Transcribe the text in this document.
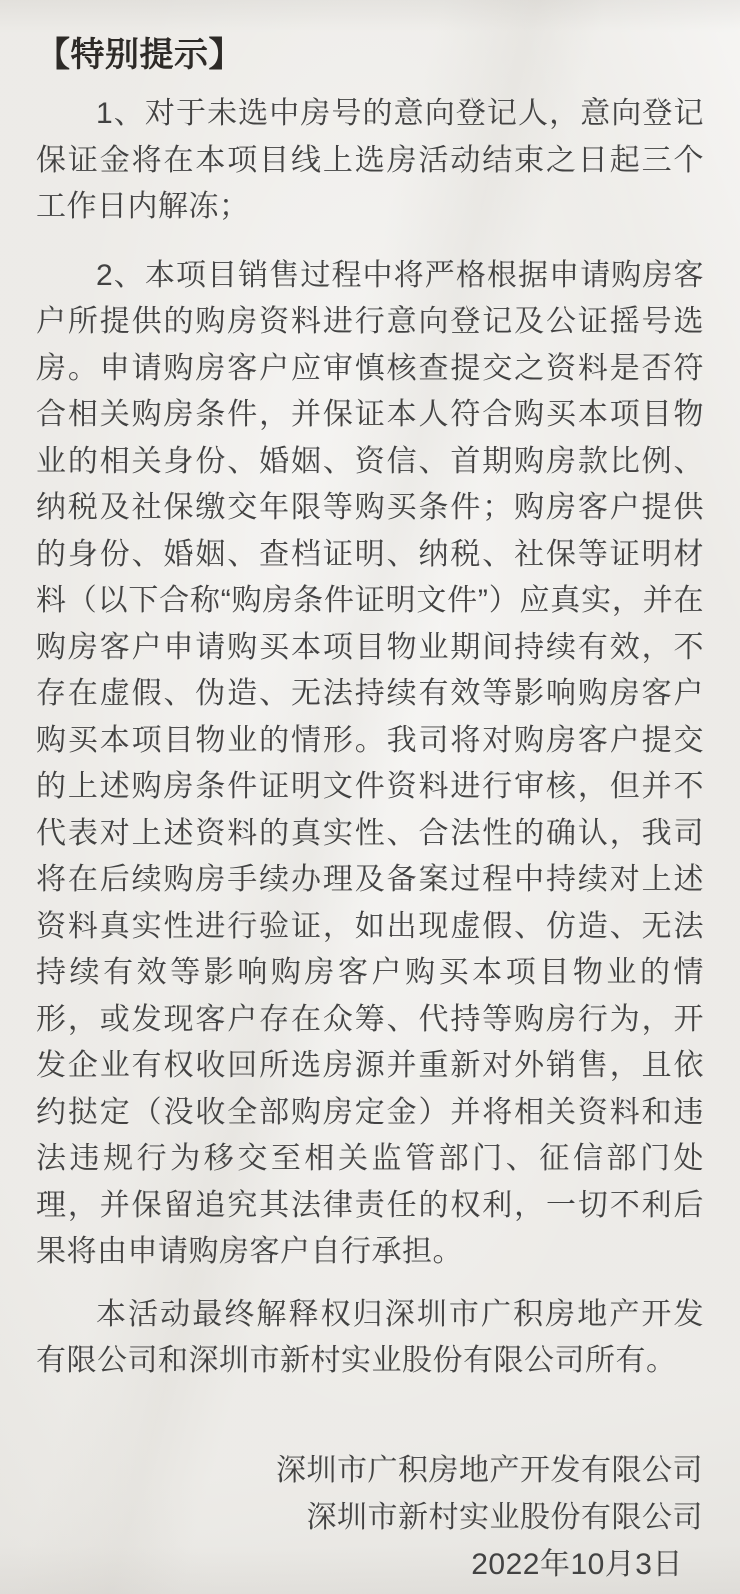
【特别提示】

1、对于未选中房号的意向登记人，意向登记保证金将在本项目线上选房活动结束之日起三个工作日内解冻；

2、本项目销售过程中将严格根据申请购房客户所提供的购房资料进行意向登记及公证摇号选房。申请购房客户应审慎核查提交之资料是否符合相关购房条件，并保证本人符合购买本项目物业的相关身份、婚姻、资信、首期购房款比例、纳税及社保缴交年限等购买条件；购房客户提供的身份、婚姻、查档证明、纳税、社保等证明材料（以下合称“购房条件证明文件”）应真实，并在购房客户申请购买本项目物业期间持续有效，不存在虚假、伪造、无法持续有效等影响购房客户购买本项目物业的情形。我司将对购房客户提交的上述购房条件证明文件资料进行审核，但并不代表对上述资料的真实性、合法性的确认，我司将在后续购房手续办理及备案过程中持续对上述资料真实性进行验证，如出现虚假、仿造、无法持续有效等影响购房客户购买本项目物业的情形，或发现客户存在众筹、代持等购房行为，开发企业有权收回所选房源并重新对外销售，且依约挞定（没收全部购房定金）并将相关资料和违法违规行为移交至相关监管部门、征信部门处理，并保留追究其法律责任的权利，一切不利后果将由申请购房客户自行承担。

本活动最终解释权归深圳市广积房地产开发有限公司和深圳市新村实业股份有限公司所有。

深圳市广积房地产开发有限公司

深圳市新村实业股份有限公司

2022年10月3日
